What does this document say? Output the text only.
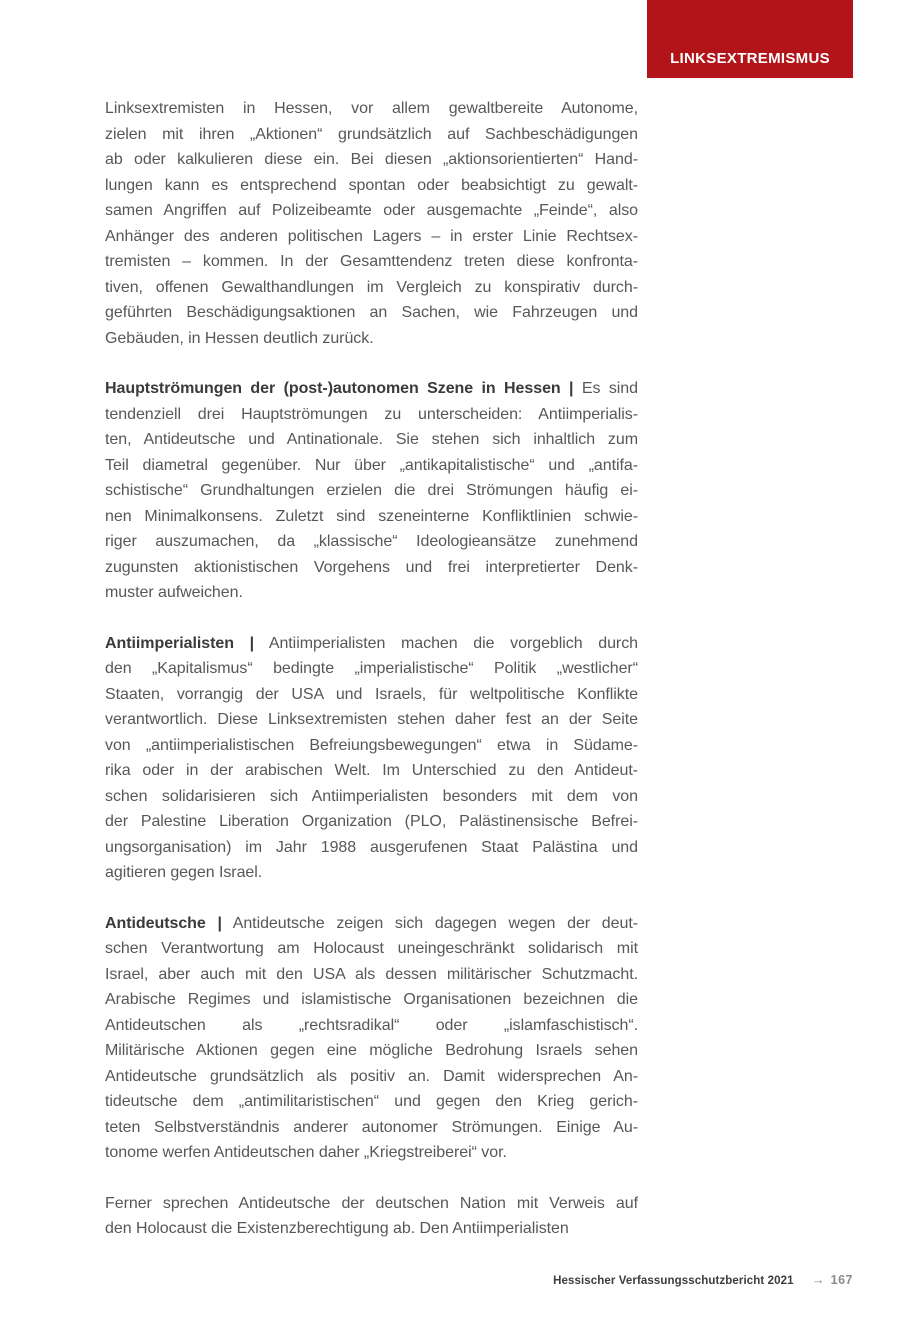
LINKSEXTREMISMUS
Linksextremisten in Hessen, vor allem gewaltbereite Autonome,
zielen mit ihren „Aktionen“ grundsätzlich auf Sachbeschädigungen
ab oder kalkulieren diese ein. Bei diesen „aktionsorientierten“ Hand-
lungen kann es entsprechend spontan oder beabsichtigt zu gewalt-
samen Angriffen auf Polizeibeamte oder ausgemachte „Feinde“, also
Anhänger des anderen politischen Lagers – in erster Linie Rechtsex-
tremisten – kommen. In der Gesamttendenz treten diese konfronta-
tiven, offenen Gewalthandlungen im Vergleich zu konspirativ durch-
geführten Beschädigungsaktionen an Sachen, wie Fahrzeugen und
Gebäuden, in Hessen deutlich zurück.
Hauptströmungen der (post-)autonomen Szene in Hessen | Es sind
tendenziell drei Hauptströmungen zu unterscheiden: Antiimperialis-
ten, Antideutsche und Antinationale. Sie stehen sich inhaltlich zum
Teil diametral gegenüber. Nur über „antikapitalistische“ und „antifa-
schistische“ Grundhaltungen erzielen die drei Strömungen häufig ei-
nen Minimalkonsens. Zuletzt sind szeneinterne Konfliktlinien schwie-
riger auszumachen, da „klassische“ Ideologieansätze zunehmend
zugunsten aktionistischen Vorgehens und frei interpretierter Denk-
muster aufweichen.
Antiimperialisten | Antiimperialisten machen die vorgeblich durch
den „Kapitalismus“ bedingte „imperialistische“ Politik „westlicher“
Staaten, vorrangig der USA und Israels, für weltpolitische Konflikte
verantwortlich. Diese Linksextremisten stehen daher fest an der Seite
von „antiimperialistischen Befreiungsbewegungen“ etwa in Südame-
rika oder in der arabischen Welt. Im Unterschied zu den Antideut-
schen solidarisieren sich Antiimperialisten besonders mit dem von
der Palestine Liberation Organization (PLO, Palästinensische Befrei-
ungsorganisation) im Jahr 1988 ausgerufenen Staat Palästina und
agitieren gegen Israel.
Antideutsche | Antideutsche zeigen sich dagegen wegen der deut-
schen Verantwortung am Holocaust uneingeschränkt solidarisch mit
Israel, aber auch mit den USA als dessen militärischer Schutzmacht.
Arabische Regimes und islamistische Organisationen bezeichnen die
Antideutschen als „rechtsradikal“ oder „islamfaschistisch“.
Militärische Aktionen gegen eine mögliche Bedrohung Israels sehen
Antideutsche grundsätzlich als positiv an. Damit widersprechen An-
tideutsche dem „antimilitaristischen“ und gegen den Krieg gerich-
teten Selbstverständnis anderer autonomer Strömungen. Einige Au-
tonome werfen Antideutschen daher „Kriegstreiberei“ vor.
Ferner sprechen Antideutsche der deutschen Nation mit Verweis auf
den Holocaust die Existenzberechtigung ab. Den Antiimperialisten
Hessischer Verfassungsschutzbericht 2021 → 167
